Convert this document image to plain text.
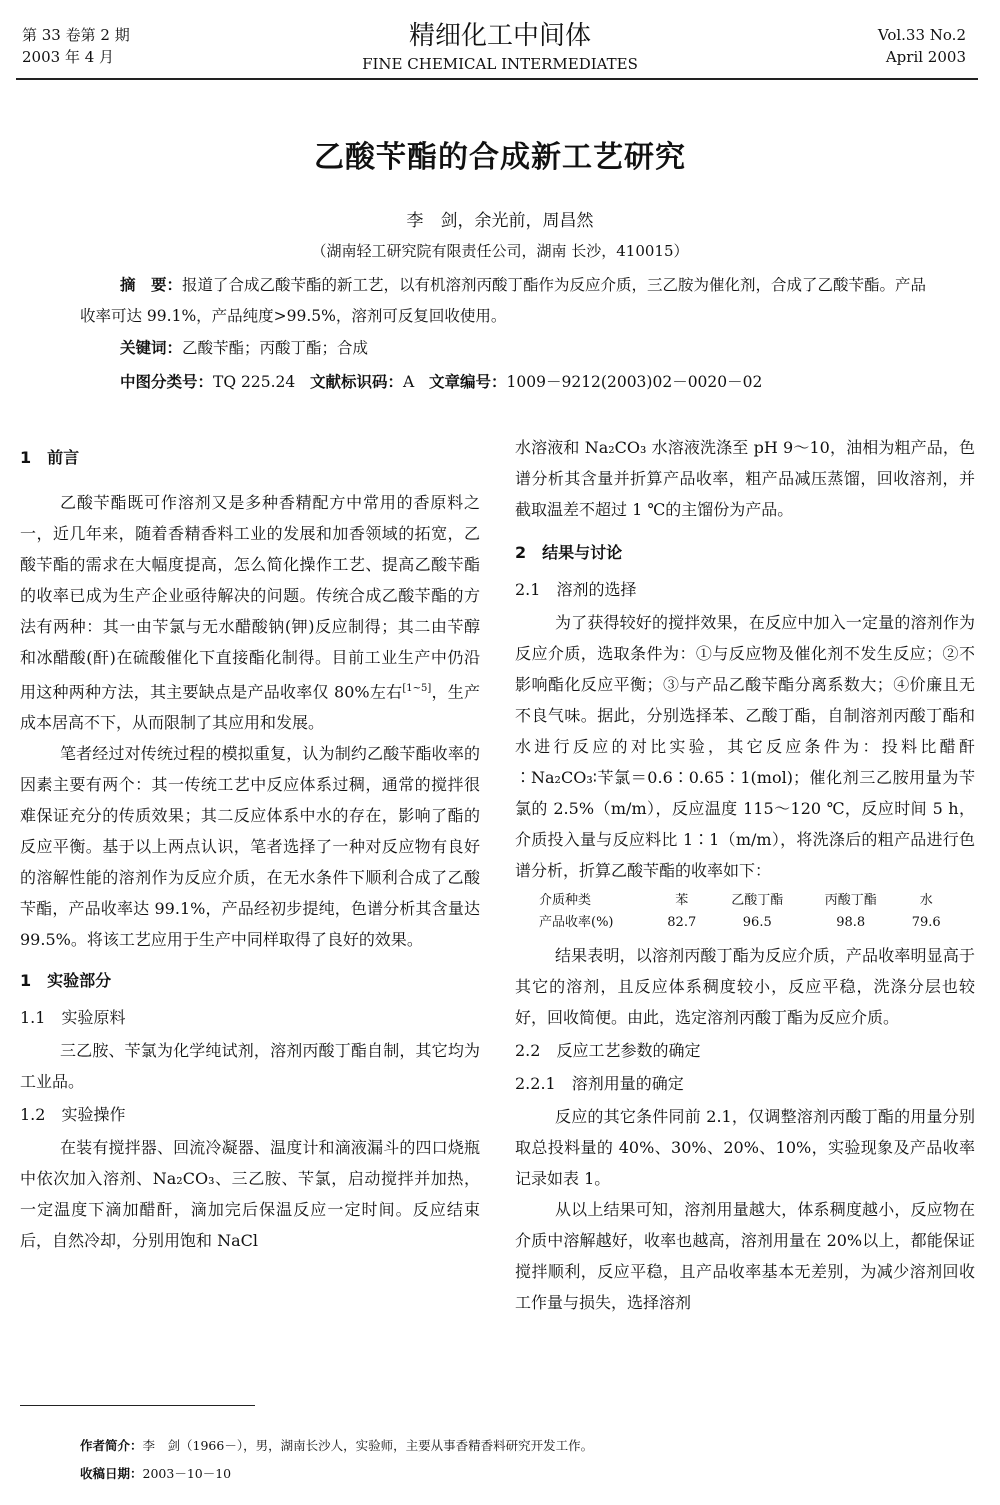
第 33 卷第 2 期
2003 年 4 月
精细化工中间体
FINE CHEMICAL INTERMEDIATES
Vol.33 No.2
April 2003
乙酸苄酯的合成新工艺研究
李　剑，余光前，周昌然
（湖南轻工研究院有限责任公司，湖南 长沙，410015）
摘　要：报道了合成乙酸苄酯的新工艺，以有机溶剂丙酸丁酯作为反应介质，三乙胺为催化剂，合成了乙酸苄酯。产品收率可达 99.1%，产品纯度>99.5%，溶剂可反复回收使用。
关键词：乙酸苄酯；丙酸丁酯；合成
中图分类号：TQ 225.24 文献标识码：A 文章编号：1009－9212(2003)02－0020－02
1　前言

乙酸苄酯既可作溶剂又是多种香精配方中常用的香原料之一，近几年来，随着香精香料工业的发展和加香领域的拓宽，乙酸苄酯的需求在大幅度提高，怎么简化操作工艺、提高乙酸苄酯的收率已成为生产企业亟待解决的问题。传统合成乙酸苄酯的方法有两种：其一由苄氯与无水醋酸钠(钾)反应制得；其二由苄醇和冰醋酸(酐)在硫酸催化下直接酯化制得。目前工业生产中仍沿用这种两种方法，其主要缺点是产品收率仅 80%左右[1~5]，生产成本居高不下，从而限制了其应用和发展。

笔者经过对传统过程的模拟重复，认为制约乙酸苄酯收率的因素主要有两个：其一传统工艺中反应体系过稠，通常的搅拌很难保证充分的传质效果；其二反应体系中水的存在，影响了酯的反应平衡。基于以上两点认识，笔者选择了一种对反应物有良好的溶解性能的溶剂作为反应介质，在无水条件下顺利合成了乙酸苄酯，产品收率达 99.1%，产品经初步提纯，色谱分析其含量达 99.5%。将该工艺应用于生产中同样取得了良好的效果。

1　实验部分
1.1　实验原料

三乙胺、苄氯为化学纯试剂，溶剂丙酸丁酯自制，其它均为工业品。

1.2　实验操作

在装有搅拌器、回流冷凝器、温度计和滴液漏斗的四口烧瓶中依次加入溶剂、Na₂CO₃、三乙胺、苄氯，启动搅拌并加热，一定温度下滴加醋酐，滴加完后保温反应一定时间。反应结束后，自然冷却，分别用饱和 NaCl

水溶液和 Na₂CO₃ 水溶液洗涤至 pH 9～10，油相为粗产品，色谱分析其含量并折算产品收率，粗产品减压蒸馏，回收溶剂，并截取温差不超过 1 ℃的主馏份为产品。

2　结果与讨论
2.1　溶剂的选择

为了获得较好的搅拌效果，在反应中加入一定量的溶剂作为反应介质，选取条件为：①与反应物及催化剂不发生反应；②不影响酯化反应平衡；③与产品乙酸苄酯分离系数大；④价廉且无不良气味。据此，分别选择苯、乙酸丁酯，自制溶剂丙酸丁酯和水进行反应的对比实验，其它反应条件为：投料比醋酐∶Na₂CO₃∶苄氯＝0.6∶0.65∶1(mol)；催化剂三乙胺用量为苄氯的 2.5%（m/m），反应温度 115～120 ℃，反应时间 5 h，介质投入量与反应料比 1∶1（m/m），将洗涤后的粗产品进行色谱分析，折算乙酸苄酯的收率如下：

介质种类	苯	乙酸丁酯	丙酸丁酯	水
产品收率(%)	82.7	96.5	98.8	79.6

结果表明，以溶剂丙酸丁酯为反应介质，产品收率明显高于其它的溶剂，且反应体系稠度较小，反应平稳，洗涤分层也较好，回收简便。由此，选定溶剂丙酸丁酯为反应介质。

2.2　反应工艺参数的确定
2.2.1　溶剂用量的确定

反应的其它条件同前 2.1，仅调整溶剂丙酸丁酯的用量分别取总投料量的 40%、30%、20%、10%，实验现象及产品收率记录如表 1。

从以上结果可知，溶剂用量越大，体系稠度越小，反应物在介质中溶解越好，收率也越高，溶剂用量在 20%以上，都能保证搅拌顺利，反应平稳，且产品收率基本无差别，为减少溶剂回收工作量与损失，选择溶剂

作者简介：李　剑（1966－），男，湖南长沙人，实验师，主要从事香精香料研究开发工作。
收稿日期：2003－10－10
